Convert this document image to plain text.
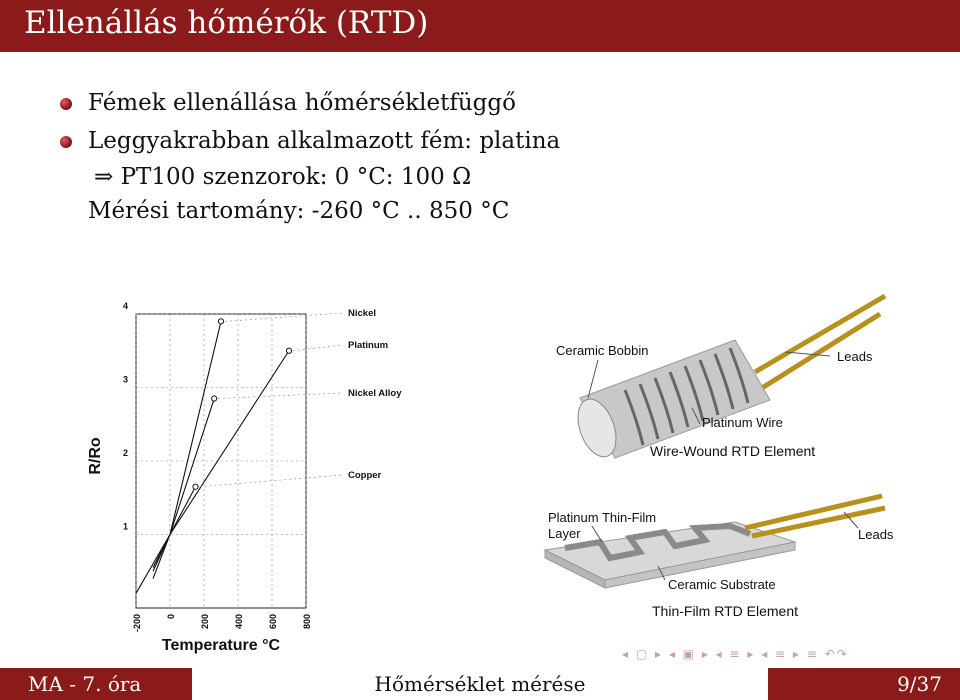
Ellenállás hőmérők (RTD)
Fémek ellenállása hőmérsékletfüggő
Leggyakrabban alkalmazott fém: platina
⇒ PT100 szenzorok: 0 °C: 100 Ω
Mérési tartomány: -260 °C .. 850 °C
-200	0	200	400	600	800
1
2
3
4
Nickel
Platinum
Nickel Alloy
Copper
R/Ro
Temperature °C
Ceramic Bobbin	Leads
Platinum Wire
Wire-Wound RTD Element
Platinum Thin-Film Layer	Leads
Ceramic Substrate
Thin-Film RTD Element
◂ ▢ ▸ ◂ ▣ ▸ ◂ ≡ ▸ ◂ ≡ ▸ ≡ ↶↷
MA - 7. óra	Hőmérséklet mérése	9/37
